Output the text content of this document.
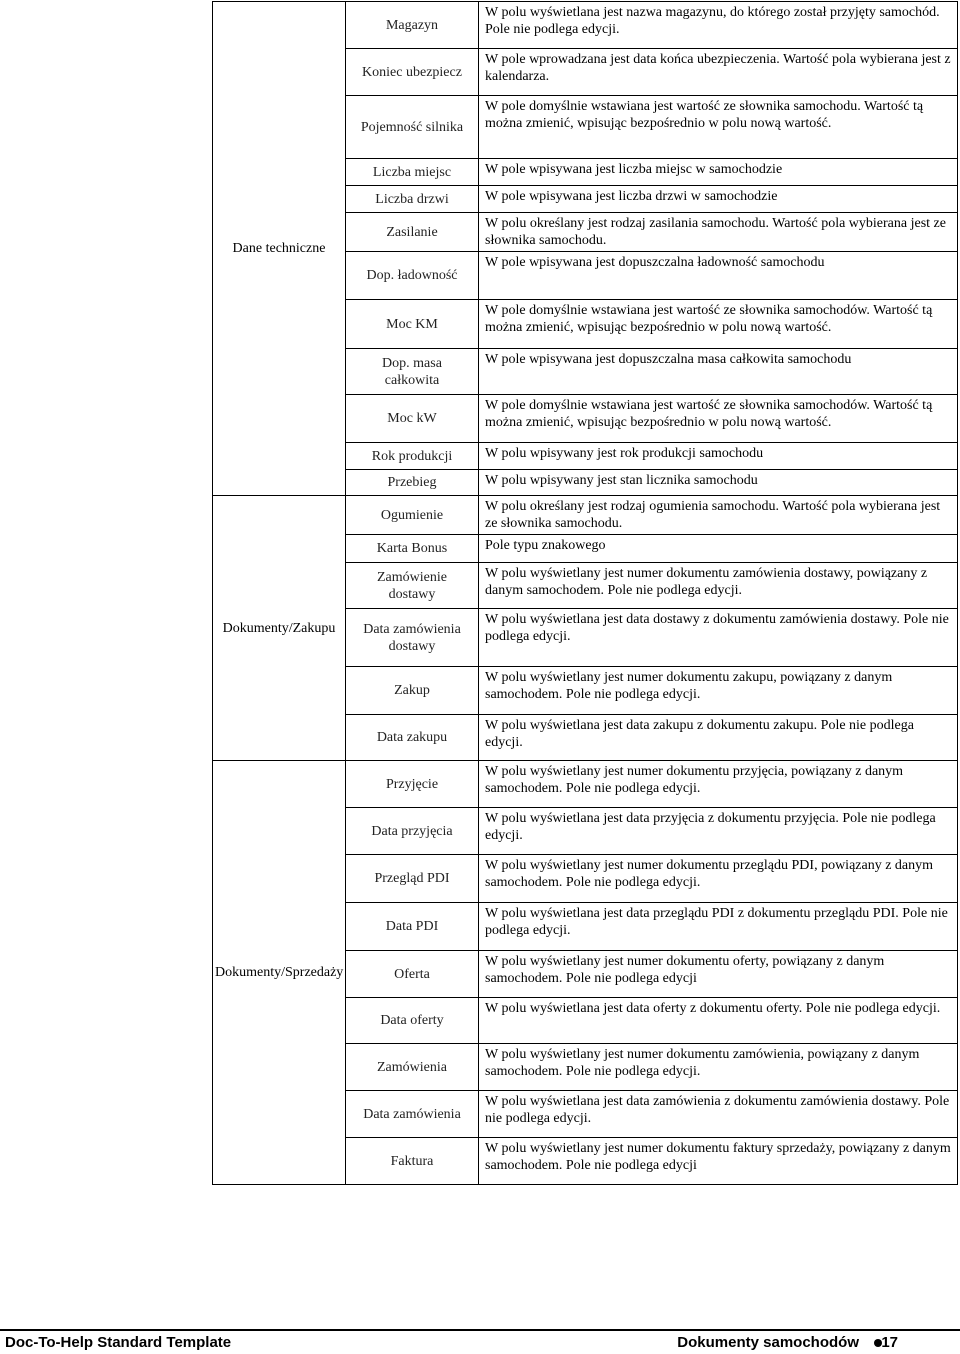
Dane techniczne	Magazyn	W polu wyświetlana jest nazwa magazynu, do którego został przyjęty samochód. Pole nie podlega edycji.
	Koniec ubezpiecz	W pole wprowadzana jest data końca ubezpieczenia. Wartość pola wybierana jest z kalendarza.
	Pojemność silnika	W pole domyślnie wstawiana jest wartość ze słownika samochodu. Wartość tą można zmienić, wpisując bezpośrednio w polu nową wartość.
	Liczba miejsc	W pole wpisywana jest liczba miejsc w samochodzie
	Liczba drzwi	W pole wpisywana jest liczba drzwi w samochodzie
	Zasilanie	W polu określany jest rodzaj zasilania samochodu. Wartość pola wybierana jest ze słownika samochodu.
	Dop. ładowność	W pole wpisywana jest dopuszczalna ładowność samochodu
	Moc KM	W pole domyślnie wstawiana jest wartość ze słownika samochodów. Wartość tą można zmienić, wpisując bezpośrednio w polu nową wartość.
	Dop. masa całkowita	W pole wpisywana jest dopuszczalna masa całkowita samochodu
	Moc kW	W pole domyślnie wstawiana jest wartość ze słownika samochodów. Wartość tą można zmienić, wpisując bezpośrednio w polu nową wartość.
	Rok produkcji	W polu wpisywany jest rok produkcji samochodu
	Przebieg	W polu wpisywany jest stan licznika samochodu
Dokumenty/Zakupu	Ogumienie	W polu określany jest rodzaj ogumienia samochodu. Wartość pola wybierana jest ze słownika samochodu.
	Karta Bonus	Pole typu znakowego
	Zamówienie dostawy	W polu wyświetlany jest numer dokumentu zamówienia dostawy, powiązany z danym samochodem. Pole nie podlega edycji.
	Data zamówienia dostawy	W polu wyświetlana jest data dostawy z dokumentu zamówienia dostawy. Pole nie podlega edycji.
	Zakup	W polu wyświetlany jest numer dokumentu zakupu, powiązany z danym samochodem. Pole nie podlega edycji.
	Data zakupu	W polu wyświetlana jest data zakupu z dokumentu zakupu. Pole nie podlega edycji.
Dokumenty/Sprzedaży	Przyjęcie	W polu wyświetlany jest numer dokumentu przyjęcia, powiązany z danym samochodem. Pole nie podlega edycji.
	Data przyjęcia	W polu wyświetlana jest data przyjęcia z dokumentu przyjęcia. Pole nie podlega edycji.
	Przegląd PDI	W polu wyświetlany jest numer dokumentu przeglądu PDI, powiązany z danym samochodem. Pole nie podlega edycji.
	Data PDI	W polu wyświetlana jest data przeglądu PDI z dokumentu przeglądu PDI. Pole nie podlega edycji.
	Oferta	W polu wyświetlany jest numer dokumentu oferty, powiązany z danym samochodem. Pole nie podlega edycji
	Data oferty	W polu wyświetlana jest data oferty z dokumentu oferty. Pole nie podlega edycji.
	Zamówienia	W polu wyświetlany jest numer dokumentu zamówienia, powiązany z danym samochodem. Pole nie podlega edycji.
	Data zamówienia	W polu wyświetlana jest data zamówienia z dokumentu zamówienia dostawy. Pole nie podlega edycji.
	Faktura	W polu wyświetlany jest numer dokumentu faktury sprzedaży, powiązany z danym samochodem. Pole nie podlega edycji
Doc-To-Help Standard Template	Dokumenty samochodów 17
